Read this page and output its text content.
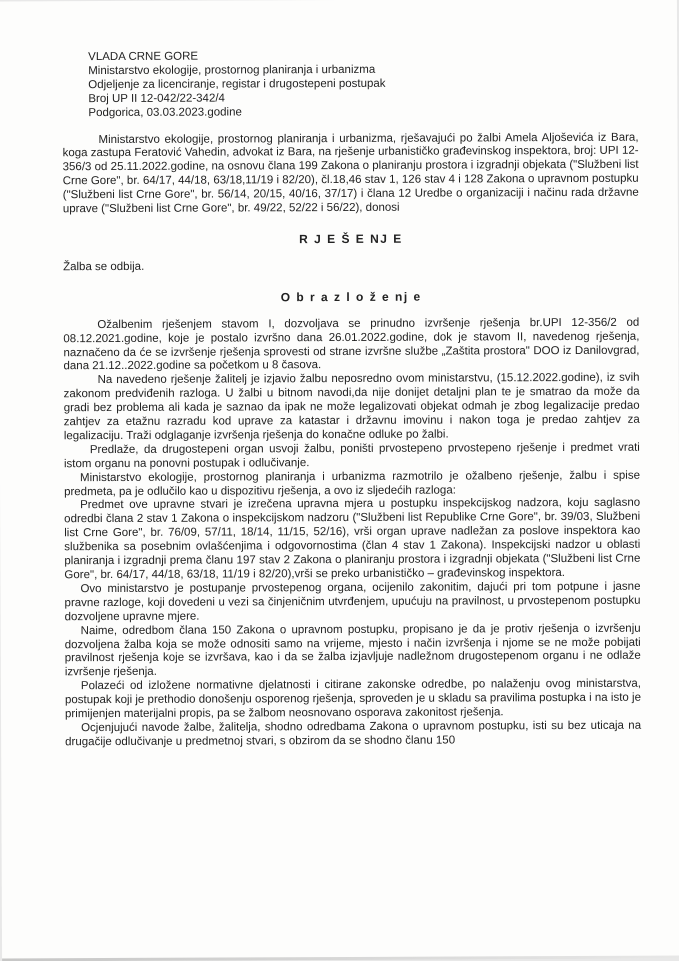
VLADA CRNE GORE
Ministarstvo ekologije, prostornog planiranja i urbanizma
Odjeljenje za licenciranje, registar i drugostepeni postupak
Broj UP II 12-042/22-342/4
Podgorica, 03.03.2023.godine

Ministarstvo ekologije, prostornog planiranja i urbanizma, rješavajući po žalbi Amela Aljoševića iz Bara, koga zastupa Feratović Vahedin, advokat iz Bara, na rješenje urbanističko građevinskog inspektora, broj: UPI 12-356/3 od 25.11.2022.godine, na osnovu člana 199 Zakona o planiranju prostora i izgradnji objekata ("Službeni list Crne Gore", br. 64/17, 44/18, 63/18,11/19 i 82/20), čl.18,46 stav 1, 126 stav 4 i 128 Zakona o upravnom postupku ("Službeni list Crne Gore", br. 56/14, 20/15, 40/16, 37/17) i člana 12 Uredbe o organizaciji i načinu rada državne uprave ("Službeni list Crne Gore", br. 49/22, 52/22 i 56/22), donosi

R J E Š E NJ E

Žalba se odbija.

O b r a z l o ž e nj e

Ožalbenim rješenjem stavom I, dozvoljava se prinudno izvršenje rješenja br.UPI 12-356/2 od 08.12.2021.godine, koje je postalo izvršno dana 26.01.2022.godine, dok je stavom II, navedenog rješenja, naznačeno da će se izvršenje rješenja sprovesti od strane izvršne službe „Zaštita prostora" DOO iz Danilovgrad, dana 21.12..2022.godine sa početkom u 8 časova.

Na navedeno rješenje žalitelj je izjavio žalbu neposredno ovom ministarstvu, (15.12.2022.godine), iz svih zakonom predviđenih razloga. U žalbi u bitnom navodi,da nije donijet detaljni plan te je smatrao da može da gradi bez problema ali kada je saznao da ipak ne može legalizovati objekat odmah je zbog legalizacije predao zahtjev za etažnu razradu kod uprave za katastar i državnu imovinu i nakon toga je predao zahtjev za legalizaciju. Traži odglaganje izvršenja rješenja do konačne odluke po žalbi.

Predlaže, da drugostepeni organ usvoji žalbu, poništi prvostepeno prvostepeno rješenje i predmet vrati istom organu na ponovni postupak i odlučivanje.

Ministarstvo ekologije, prostornog planiranja i urbanizma razmotrilo je ožalbeno rješenje, žalbu i spise predmeta, pa je odlučilo kao u dispozitivu rješenja, a ovo iz sljedećih razloga:

Predmet ove upravne stvari je izrečena upravna mjera u postupku inspekcijskog nadzora, koju saglasno odredbi člana 2 stav 1 Zakona o inspekcijskom nadzoru ("Službeni list Republike Crne Gore", br. 39/03, Službeni list Crne Gore", br. 76/09, 57/11, 18/14, 11/15, 52/16), vrši organ uprave nadležan za poslove inspektora kao službenika sa posebnim ovlašćenjima i odgovornostima (član 4 stav 1 Zakona). Inspekcijski nadzor u oblasti planiranja i izgradnji prema članu 197 stav 2 Zakona o planiranju prostora i izgradnji objekata ("Službeni list Crne Gore", br. 64/17, 44/18, 63/18, 11/19 i 82/20),vrši se preko urbanističko – građevinskog inspektora.

Ovo ministarstvo je postupanje prvostepenog organa, ocijenilo zakonitim, dajući pri tom potpune i jasne pravne razloge, koji dovedeni u vezi sa činjeničnim utvrđenjem, upućuju na pravilnost, u prvostepenom postupku dozvoljene upravne mjere.

Naime, odredbom člana 150 Zakona o upravnom postupku, propisano je da je protiv rješenja o izvršenju dozvoljena žalba koja se može odnositi samo na vrijeme, mjesto i način izvršenja i njome se ne može pobijati pravilnost rješenja koje se izvršava, kao i da se žalba izjavljuje nadležnom drugostepenom organu i ne odlaže izvršenje rješenja.

Polazeći od izložene normativne djelatnosti i citirane zakonske odredbe, po nalaženju ovog ministarstva, postupak koji je prethodio donošenju osporenog rješenja, sproveden je u skladu sa pravilima postupka i na isto je primijenjen materijalni propis, pa se žalbom neosnovano osporava zakonitost rješenja.

Ocjenjujući navode žalbe, žalitelja, shodno odredbama Zakona o upravnom postupku, isti su bez uticaja na drugačije odlučivanje u predmetnoj stvari, s obzirom da se shodno članu 150
